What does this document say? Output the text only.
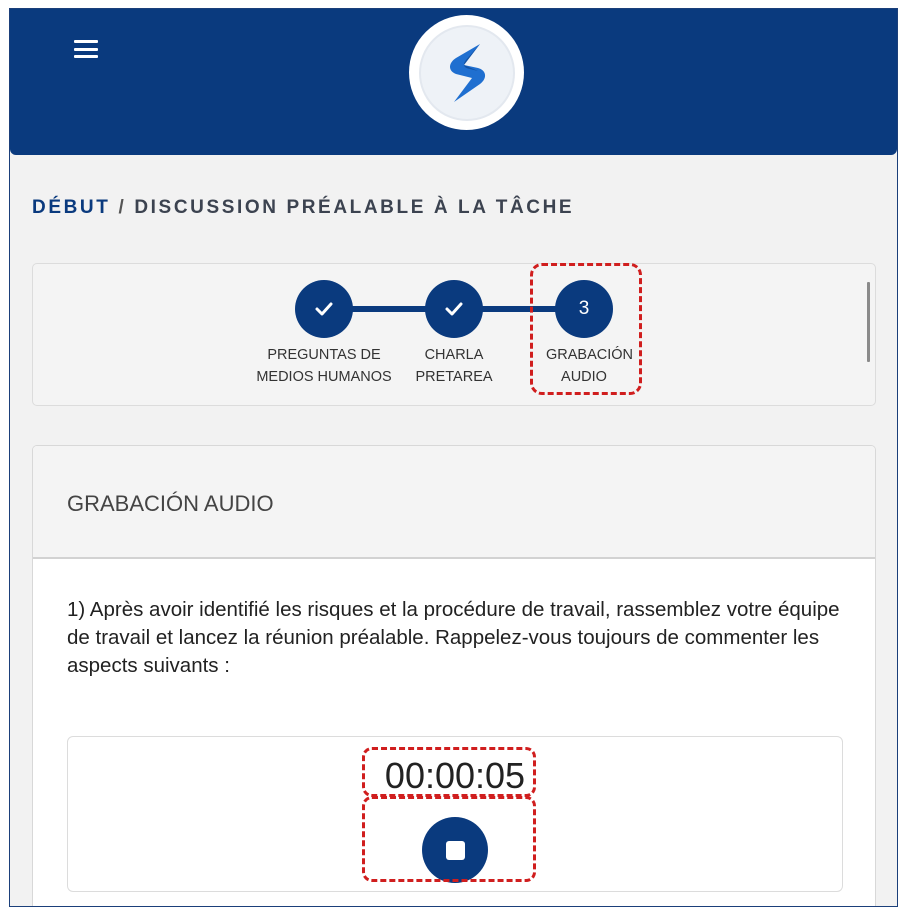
DÉBUT / DISCUSSION PRÉALABLE À LA TÂCHE
3
PREGUNTAS DE MEDIOS HUMANOS
CHARLA PRETAREA
GRABACIÓN AUDIO
GRABACIÓN AUDIO
1) Après avoir identifié les risques et la procédure de travail, rassemblez votre équipe de travail et lancez la réunion préalable. Rappelez-vous toujours de commenter les aspects suivants :
00:00:05
